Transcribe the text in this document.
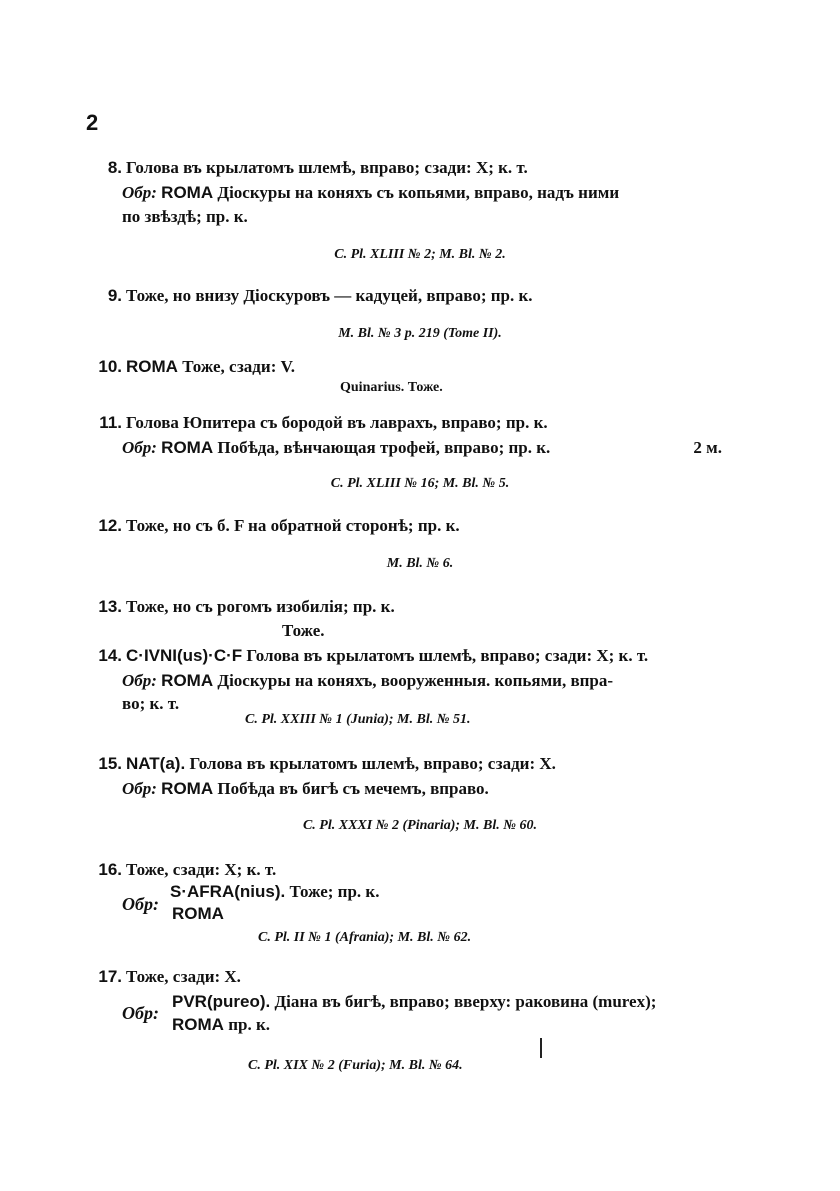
2
8. Голова въ крылатомъ шлемѣ, вправо; сзади: X; к. т.
Обр: ROMA Діоскуры на коняхъ съ копьями, вправо, надъ ними
по звѣздѣ; пр. к.
C. Pl. XLIII № 2; M. Bl. № 2.
9. Тоже, но внизу Діоскуровъ — кадуцей, вправо; пр. к.
M. Bl. № 3 p. 219 (Tome II).
10. ROMA Тоже, сзади: V.
Quinarius. Тоже.
11. Голова Юпитера съ бородой въ лаврахъ, вправо; пр. к.
Обр: ROMA Побѣда, вѣнчающая трофей, вправо; пр. к.	2 м.
C. Pl. XLIII № 16; M. Bl. № 5.
12. Тоже, но съ б. F на обратной сторонѣ; пр. к.
M. Bl. № 6.
13. Тоже, но съ рогомъ изобилія; пр. к.
Тоже.
14. C·IVNI(us)·C·F Голова въ крылатомъ шлемѣ, вправо; сзади: X; к. т.
Обр: ROMA Діоскуры на коняхъ, вооруженныя. копьями, впра-
во; к. т.
C. Pl. XXIII № 1 (Junia); M. Bl. № 51.
15. NAT(a). Голова въ крылатомъ шлемѣ, вправо; сзади: X.
Обр: ROMA Побѣда въ бигѣ съ мечемъ, вправо.
C. Pl. XXXI № 2 (Pinaria); M. Bl. № 60.
16. Тоже, сзади: X; к. т.
Обр:
S·AFRA(nius). Тоже; пр. к.
ROMA
C. Pl. II № 1 (Afrania); M. Bl. № 62.
17. Тоже, сзади: X.
Обр:
PVR(pureo). Діана въ бигѣ, вправо; вверху: раковина (murex);
ROMA пр. к.
C. Pl. XIX № 2 (Furia); M. Bl. № 64.
